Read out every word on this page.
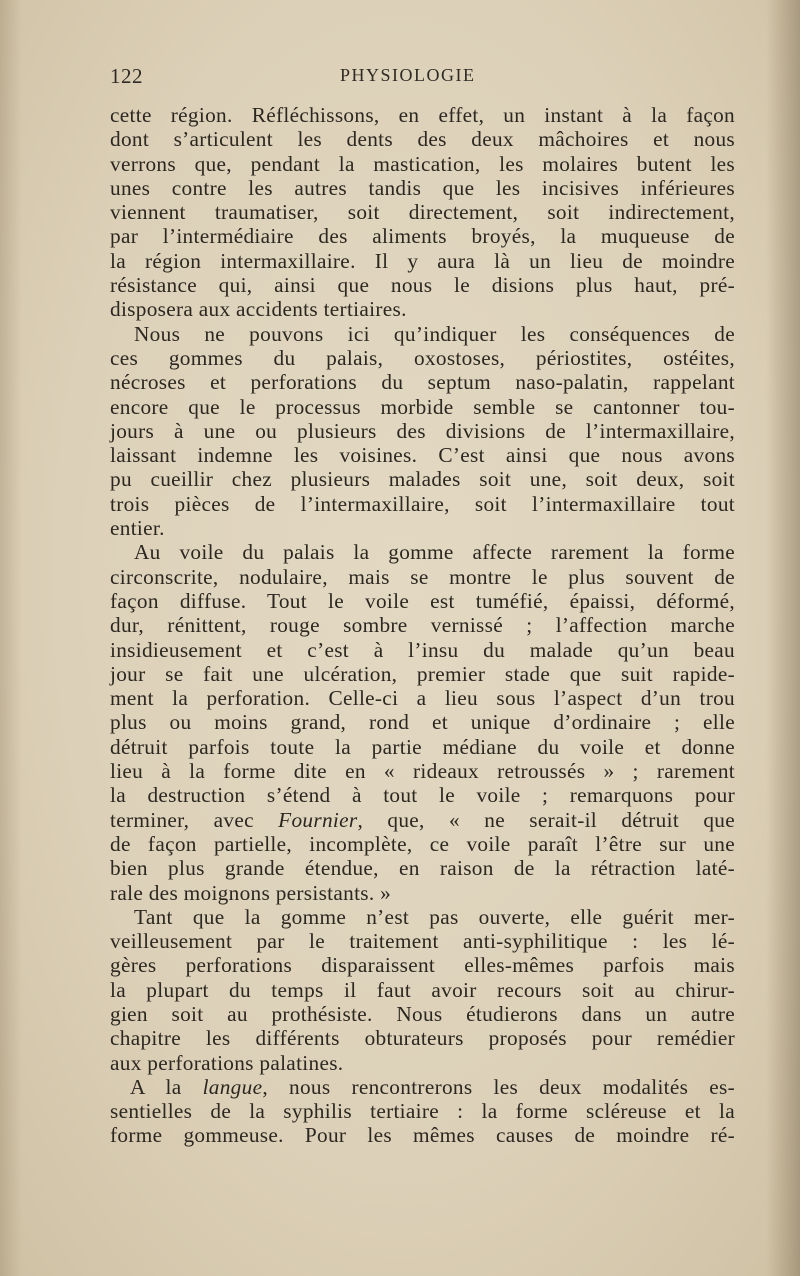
122	PHYSIOLOGIE
cette région. Réfléchissons, en effet, un instant à la façon
dont s’articulent les dents des deux mâchoires et nous
verrons que, pendant la mastication, les molaires butent les
unes contre les autres tandis que les incisives inférieures
viennent traumatiser, soit directement, soit indirectement,
par l’intermédiaire des aliments broyés, la muqueuse de
la région intermaxillaire. Il y aura là un lieu de moindre
résistance qui, ainsi que nous le disions plus haut, pré-
disposera aux accidents tertiaires.
Nous ne pouvons ici qu’indiquer les conséquences de
ces gommes du palais, oxostoses, périostites, ostéites,
nécroses et perforations du septum naso-palatin, rappelant
encore que le processus morbide semble se cantonner tou-
jours à une ou plusieurs des divisions de l’intermaxillaire,
laissant indemne les voisines. C’est ainsi que nous avons
pu cueillir chez plusieurs malades soit une, soit deux, soit
trois pièces de l’intermaxillaire, soit l’intermaxillaire tout
entier.
Au voile du palais la gomme affecte rarement la forme
circonscrite, nodulaire, mais se montre le plus souvent de
façon diffuse. Tout le voile est tuméfié, épaissi, déformé,
dur, rénittent, rouge sombre vernissé ; l’affection marche
insidieusement et c’est à l’insu du malade qu’un beau
jour se fait une ulcération, premier stade que suit rapide-
ment la perforation. Celle-ci a lieu sous l’aspect d’un trou
plus ou moins grand, rond et unique d’ordinaire ; elle
détruit parfois toute la partie médiane du voile et donne
lieu à la forme dite en « rideaux retroussés » ; rarement
la destruction s’étend à tout le voile ; remarquons pour
terminer, avec Fournier, que, « ne serait-il détruit que
de façon partielle, incomplète, ce voile paraît l’être sur une
bien plus grande étendue, en raison de la rétraction laté-
rale des moignons persistants. »
Tant que la gomme n’est pas ouverte, elle guérit mer-
veilleusement par le traitement anti-syphilitique : les lé-
gères perforations disparaissent elles-mêmes parfois mais
la plupart du temps il faut avoir recours soit au chirur-
gien soit au prothésiste. Nous étudierons dans un autre
chapitre les différents obturateurs proposés pour remédier
aux perforations palatines.
A la langue, nous rencontrerons les deux modalités es-
sentielles de la syphilis tertiaire : la forme scléreuse et la
forme gommeuse. Pour les mêmes causes de moindre ré-
